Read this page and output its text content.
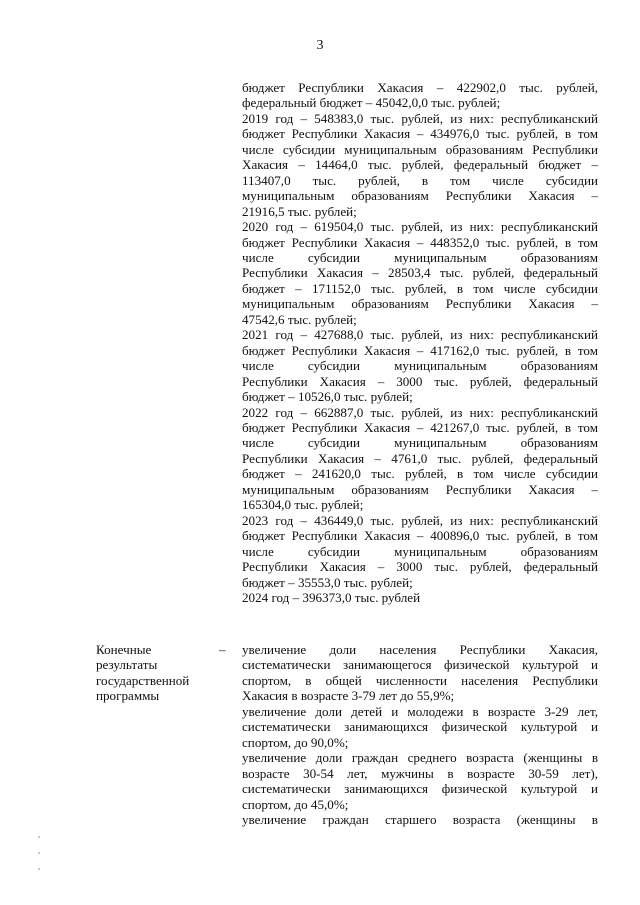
3
бюджет Республики Хакасия – 422902,0 тыс. рублей,
федеральный бюджет – 45042,0,0 тыс. рублей;
2019 год – 548383,0 тыс. рублей, из них: республиканский
бюджет Республики Хакасия – 434976,0 тыс. рублей, в том
числе субсидии муниципальным образованиям Республики
Хакасия – 14464,0 тыс. рублей, федеральный бюджет –
113407,0 тыс. рублей, в том числе субсидии
муниципальным образованиям Республики Хакасия –
21916,5 тыс. рублей;
2020 год – 619504,0 тыс. рублей, из них: республиканский
бюджет Республики Хакасия – 448352,0 тыс. рублей, в том
числе субсидии муниципальным образованиям
Республики Хакасия – 28503,4 тыс. рублей, федеральный
бюджет – 171152,0 тыс. рублей, в том числе субсидии
муниципальным образованиям Республики Хакасия –
47542,6 тыс. рублей;
2021 год – 427688,0 тыс. рублей, из них: республиканский
бюджет Республики Хакасия – 417162,0 тыс. рублей, в том
числе субсидии муниципальным образованиям
Республики Хакасия – 3000 тыс. рублей, федеральный
бюджет – 10526,0 тыс. рублей;
2022 год – 662887,0 тыс. рублей, из них: республиканский
бюджет Республики Хакасия – 421267,0 тыс. рублей, в том
числе субсидии муниципальным образованиям
Республики Хакасия – 4761,0 тыс. рублей, федеральный
бюджет – 241620,0 тыс. рублей, в том числе субсидии
муниципальным образованиям Республики Хакасия –
165304,0 тыс. рублей;
2023 год – 436449,0 тыс. рублей, из них: республиканский
бюджет Республики Хакасия – 400896,0 тыс. рублей, в том
числе субсидии муниципальным образованиям
Республики Хакасия – 3000 тыс. рублей, федеральный
бюджет – 35553,0 тыс. рублей;
2024 год – 396373,0 тыс. рублей
Конечные
результаты
государственной
программы
– увеличение доли населения Республики Хакасия,
систематически занимающегося физической культурой и
спортом, в общей численности населения Республики
Хакасия в возрасте 3-79 лет до 55,9%;
увеличение доли детей и молодежи в возрасте 3-29 лет,
систематически занимающихся физической культурой и
спортом, до 90,0%;
увеличение доли граждан среднего возраста (женщины в
возрасте 30-54 лет, мужчины в возрасте 30-59 лет),
систематически занимающихся физической культурой и
спортом, до 45,0%;
увеличение граждан старшего возраста (женщины в
